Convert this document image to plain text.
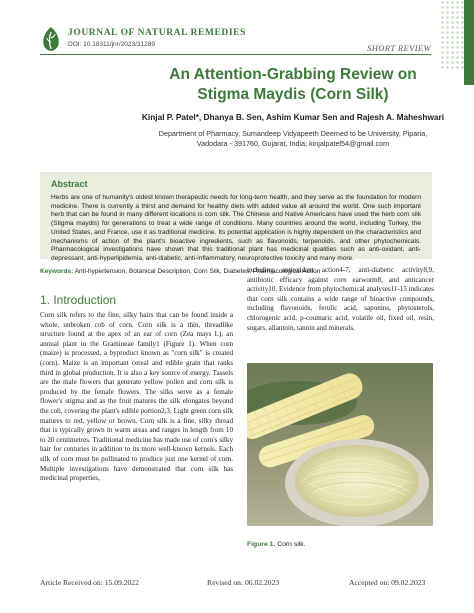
JOURNAL OF NATURAL REMEDIES
DOI: 10.18311/jnr/2023/31289	SHORT REVIEW
An Attention-Grabbing Review on
Stigma Maydis (Corn Silk)
Kinjal P. Patel*, Dhanya B. Sen, Ashim Kumar Sen and Rajesh A. Maheshwari
Department of Pharmacy, Sumandeep Vidyapeeth Deemed to be University, Piparia,
Vadodara - 391760, Gujarat, India; kinjalpatel54@gmail.com
Abstract
Herbs are one of humanity's oldest known therapeutic needs for long-term health, and they serve as the foundation for modern medicine. There is currently a thirst and demand for healthy diets with added value all around the world. One such important herb that can be found in many different locations is corn silk. The Chinese and Native Americans have used the herb corn silk (Stigma maydis) for generations to treat a wide range of conditions. Many countries around the world, including Turkey, the United States, and France, use it as traditional medicine. Its potential application is highly dependent on the characteristics and mechanisms of action of the plant's bioactive ingredients, such as flavonoids, terpenoids, and other phytochemicals. Pharmacological investigations have shown that this traditional plant has medicinal qualities such as anti-oxidant, anti-depressant, anti-hyperlipidemia, anti-diabetic, anti-inflammatory, neuroprotective toxicity and many more.
Keywords: Anti-hypertension, Botanical Description, Corn Silk, Diabetes, Pharmacological Action
1. Introduction

Corn silk refers to the fine, silky hairs that can be found inside a whole, unbroken cob of corn. Corn silk is a thin, threadlike structure found at the apex of an ear of corn (Zea mays L), an annual plant in the Gramineae family1 (Figure 1). When corn (maize) is processed, a byproduct known as "corn silk" is created (corn). Maize is an important cereal and edible grain that ranks third in global production. It is also a key source of energy. Tassels are the male flowers that generate yellow pollen and corn silk is produced by the female flowers. The silks serve as a female flower's stigma and as the fruit matures the silk elongates beyond the cob, covering the plant's edible portion2,3. Light green corn silk matures to red, yellow or brown. Corn silk is a fine, silky thread that is typically grown in warm areas and ranges in length from 10 to 20 centimetres. Traditional medicine has made use of corn's silky hair for centuries in addition to its more well-known kernels. Each silk of corn must be pollinated to produce just one kernel of corn. Multiple investigations have demonstrated that corn silk has medicinal properties,

including antioxidant action4-7, anti-diabetic activity8,9, antibiotic efficacy against corn earworm8, and anticancer activity10. Evidence from phytochemical analyses11-15 indicates that corn silk contains a wide range of bioactive compounds, including flavonoids, ferulic acid, saponins, phytosterols, chlorogenic acid, p-coumaric acid, volatile oil, fixed oil, resin, sugars, allantoin, tannin and minerals.

Figure 1. Corn silk.
Article Received on: 15.09.2022	Revised on: 06.02.2023	Accepted on: 09.02.2023
